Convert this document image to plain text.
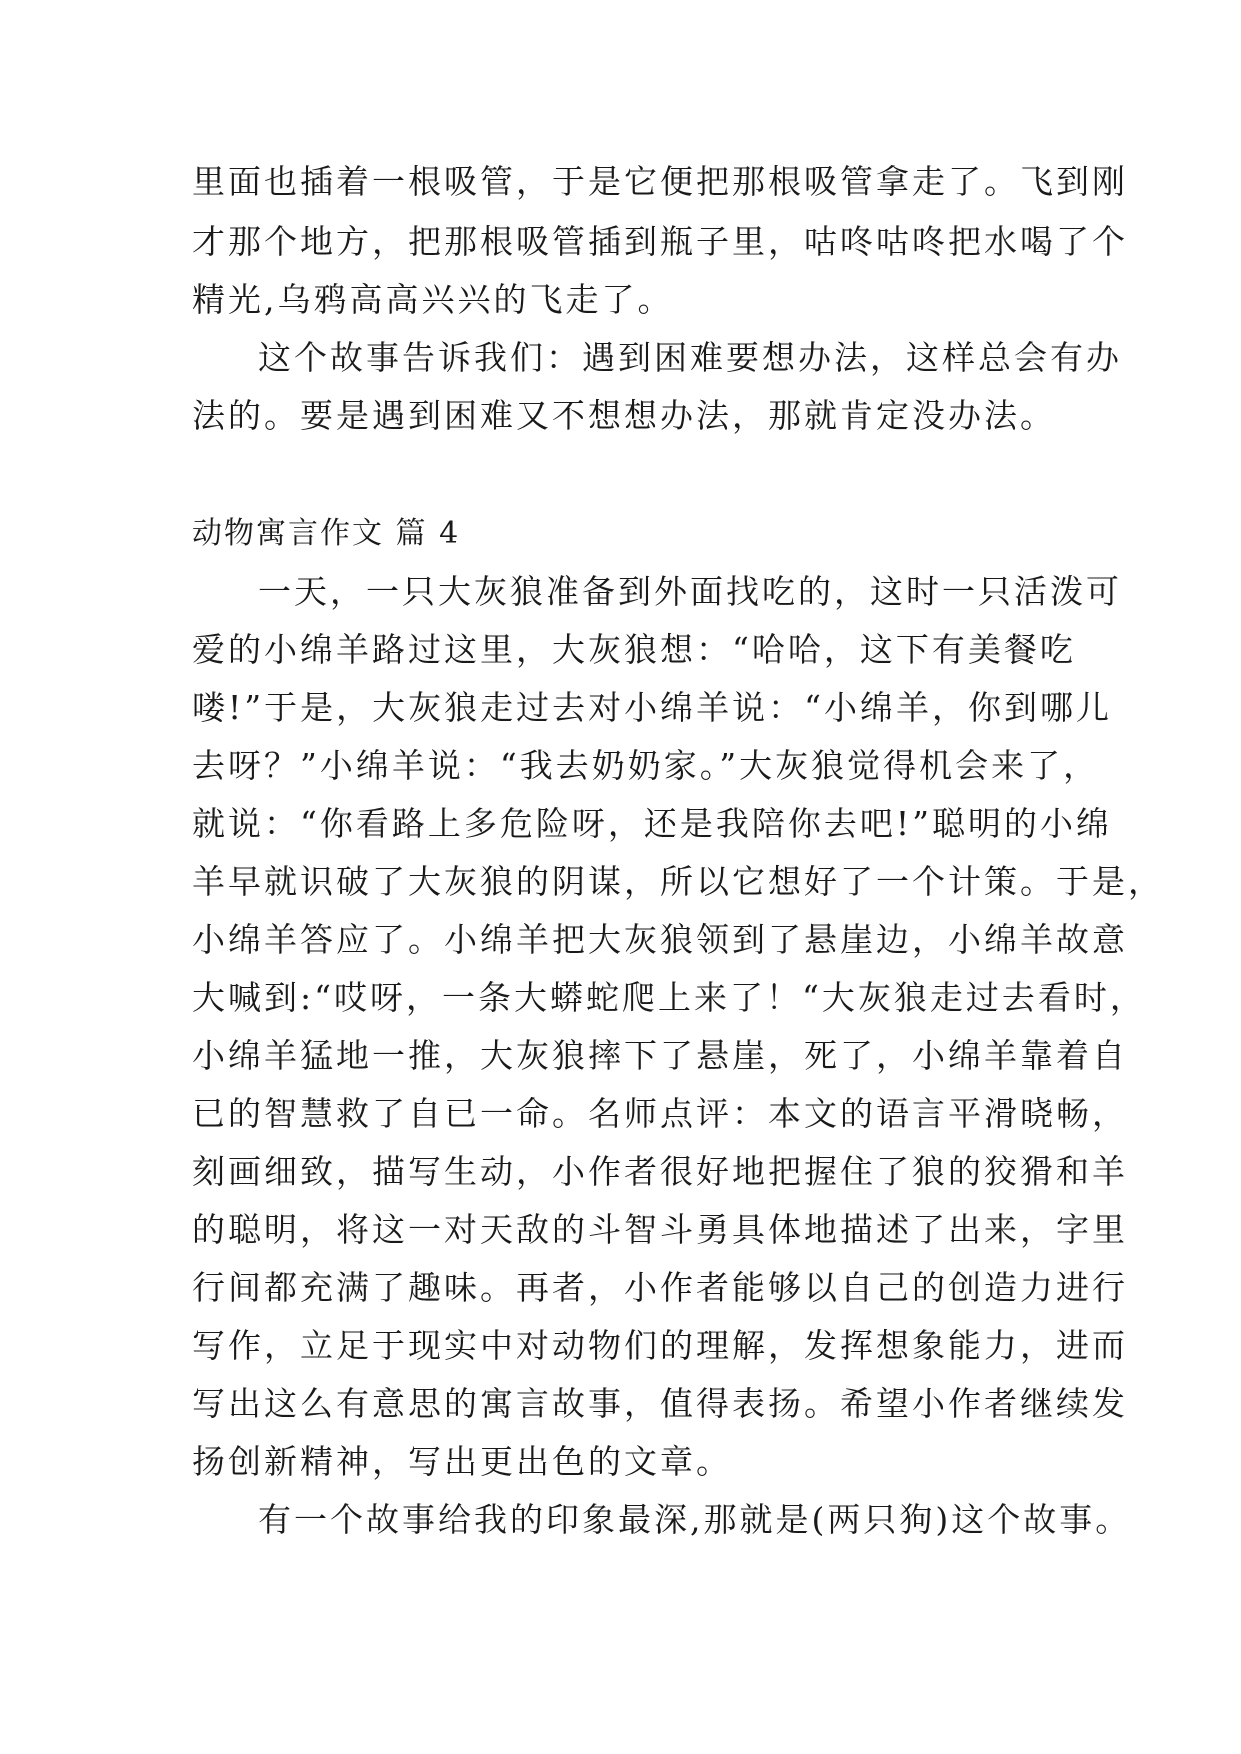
里面也插着一根吸管，于是它便把那根吸管拿走了。飞到刚
才那个地方，把那根吸管插到瓶子里，咕咚咕咚把水喝了个
精光,乌鸦高高兴兴的飞走了。
这个故事告诉我们：遇到困难要想办法，这样总会有办
法的。要是遇到困难又不想想办法，那就肯定没办法。
动物寓言作文 篇 4
一天，一只大灰狼准备到外面找吃的，这时一只活泼可
爱的小绵羊路过这里，大灰狼想：“哈哈，这下有美餐吃
喽!”于是，大灰狼走过去对小绵羊说：“小绵羊，你到哪儿
去呀？”小绵羊说：“我去奶奶家。”大灰狼觉得机会来了，
就说：“你看路上多危险呀，还是我陪你去吧!”聪明的小绵
羊早就识破了大灰狼的阴谋，所以它想好了一个计策。于是，
小绵羊答应了。小绵羊把大灰狼领到了悬崖边，小绵羊故意
大喊到:“哎呀，一条大蟒蛇爬上来了！“大灰狼走过去看时，
小绵羊猛地一推，大灰狼摔下了悬崖，死了，小绵羊靠着自
已的智慧救了自已一命。名师点评：本文的语言平滑晓畅，
刻画细致，描写生动，小作者很好地把握住了狼的狡猾和羊
的聪明，将这一对天敌的斗智斗勇具体地描述了出来，字里
行间都充满了趣味。再者，小作者能够以自己的创造力进行
写作，立足于现实中对动物们的理解，发挥想象能力，进而
写出这么有意思的寓言故事，值得表扬。希望小作者继续发
扬创新精神，写出更出色的文章。
有一个故事给我的印象最深,那就是(两只狗)这个故事。
